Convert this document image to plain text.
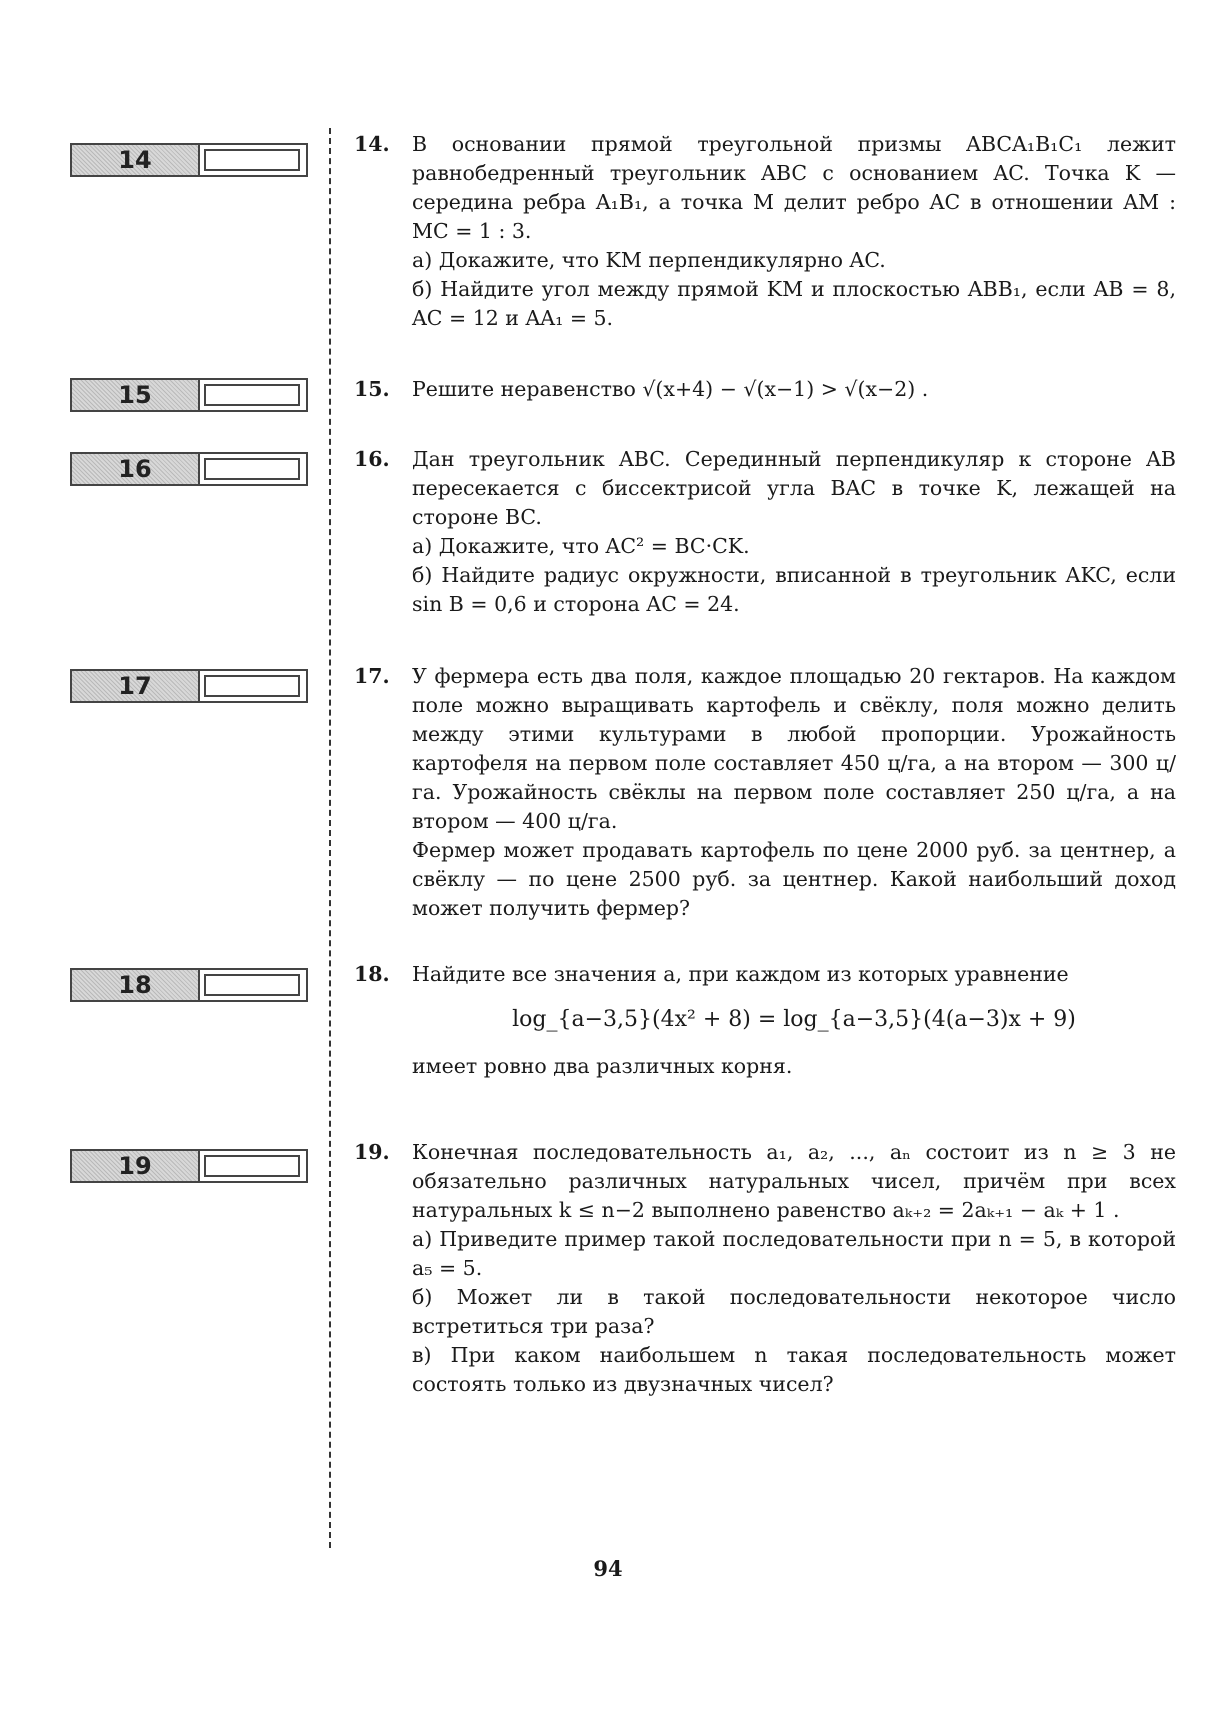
14
15
16
17
18
19
14. В основании прямой треугольной призмы ABCA₁B₁C₁ лежит равнобедренный треугольник ABC с основанием AC. Точка K — середина ребра A₁B₁, а точка M делит ребро AC в отношении AM : MC = 1 : 3.

а) Докажите, что KM перпендикулярно AC.

б) Найдите угол между прямой KM и плоскостью ABB₁, если AB = 8, AC = 12 и AA₁ = 5.

15. Решите неравенство √(x+4) − √(x−1) > √(x−2) .

16. Дан треугольник ABC. Серединный перпендикуляр к стороне AB пересекается с биссектрисой угла BAC в точке K, лежащей на стороне BC.

а) Докажите, что AC² = BC·CK.

б) Найдите радиус окружности, вписанной в треугольник AKC, если sin B = 0,6 и сторона AC = 24.

17. У фермера есть два поля, каждое площадью 20 гектаров. На каждом поле можно выращивать картофель и свёклу, поля можно делить между этими культурами в любой пропорции. Урожайность картофеля на первом поле составляет 450 ц/га, а на втором — 300 ц/га. Урожайность свёклы на первом поле составляет 250 ц/га, а на втором — 400 ц/га.

Фермер может продавать картофель по цене 2000 руб. за центнер, а свёклу — по цене 2500 руб. за центнер. Какой наибольший доход может получить фермер?

18. Найдите все значения a, при каждом из которых уравнение

log_{a−3,5}(4x² + 8) = log_{a−3,5}(4(a−3)x + 9)

имеет ровно два различных корня.

19. Конечная последовательность a₁, a₂, ..., aₙ состоит из n ≥ 3 не обязательно различных натуральных чисел, причём при всех натуральных k ≤ n−2 выполнено равенство aₖ₊₂ = 2aₖ₊₁ − aₖ + 1 .

а) Приведите пример такой последовательности при n = 5, в которой a₅ = 5.

б) Может ли в такой последовательности некоторое число встретиться три раза?

в) При каком наибольшем n такая последовательность может состоять только из двузначных чисел?

94
